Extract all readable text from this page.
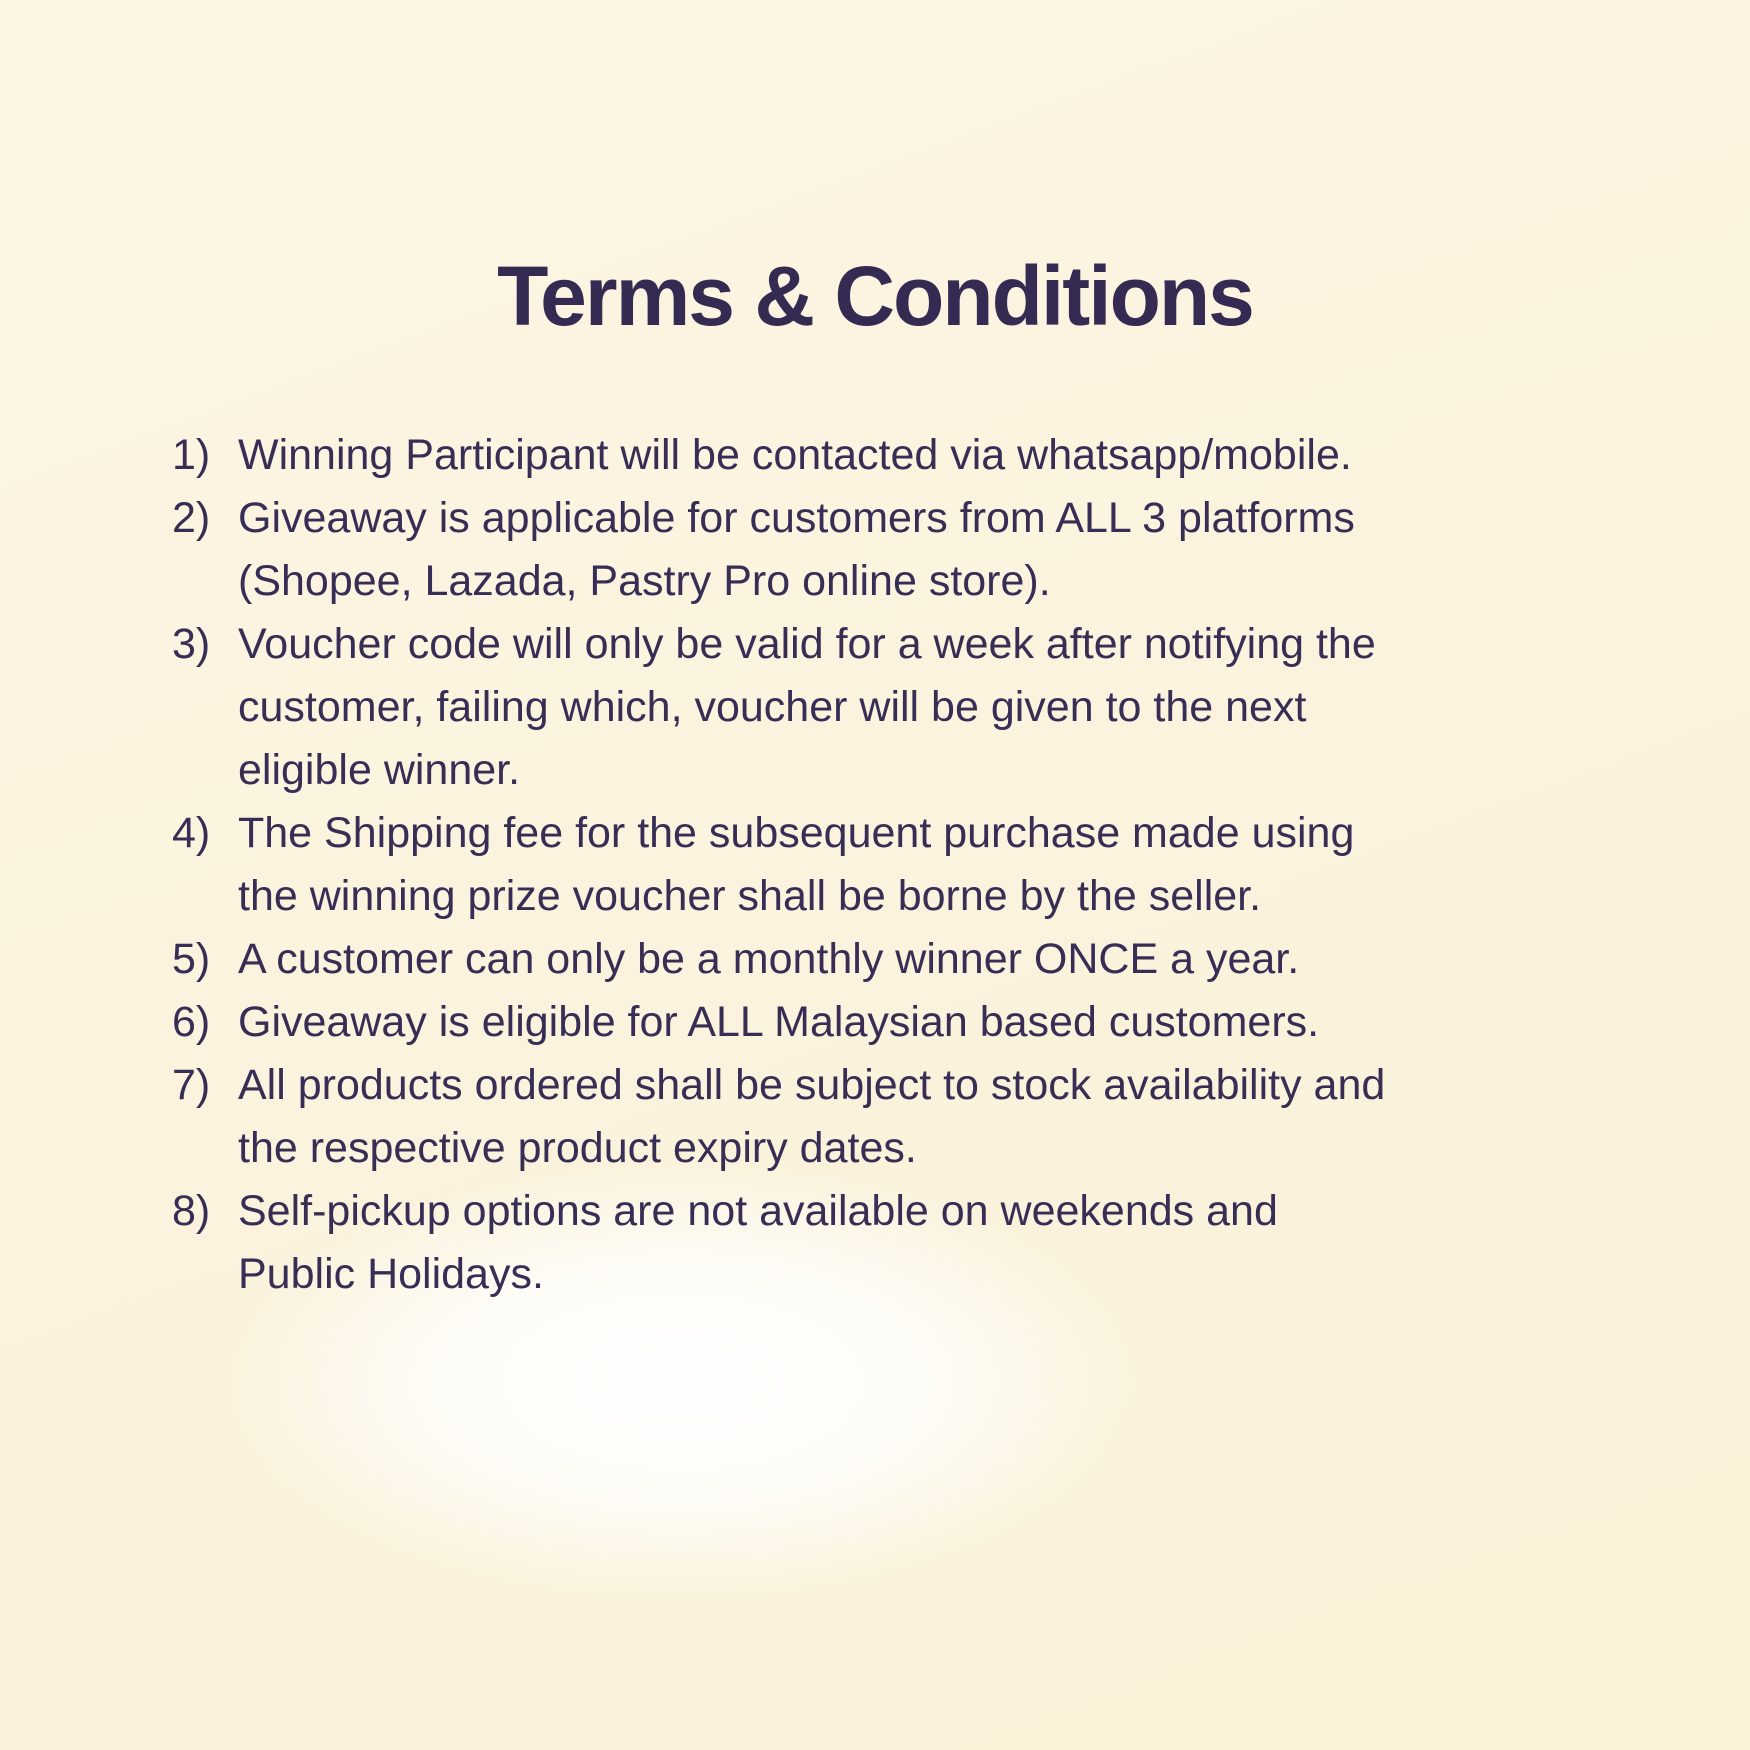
Terms & Conditions
1) Winning Participant will be contacted via whatsapp/mobile.
2) Giveaway is applicable for customers from ALL 3 platforms
(Shopee, Lazada, Pastry Pro online store).
3) Voucher code will only be valid for a week after notifying the
customer, failing which, voucher will be given to the next
eligible winner.
4) The Shipping fee for the subsequent purchase made using
the winning prize voucher shall be borne by the seller.
5) A customer can only be a monthly winner ONCE a year.
6) Giveaway is eligible for ALL Malaysian based customers.
7) All products ordered shall be subject to stock availability and
the respective product expiry dates.
8) Self-pickup options are not available on weekends and
Public Holidays.
